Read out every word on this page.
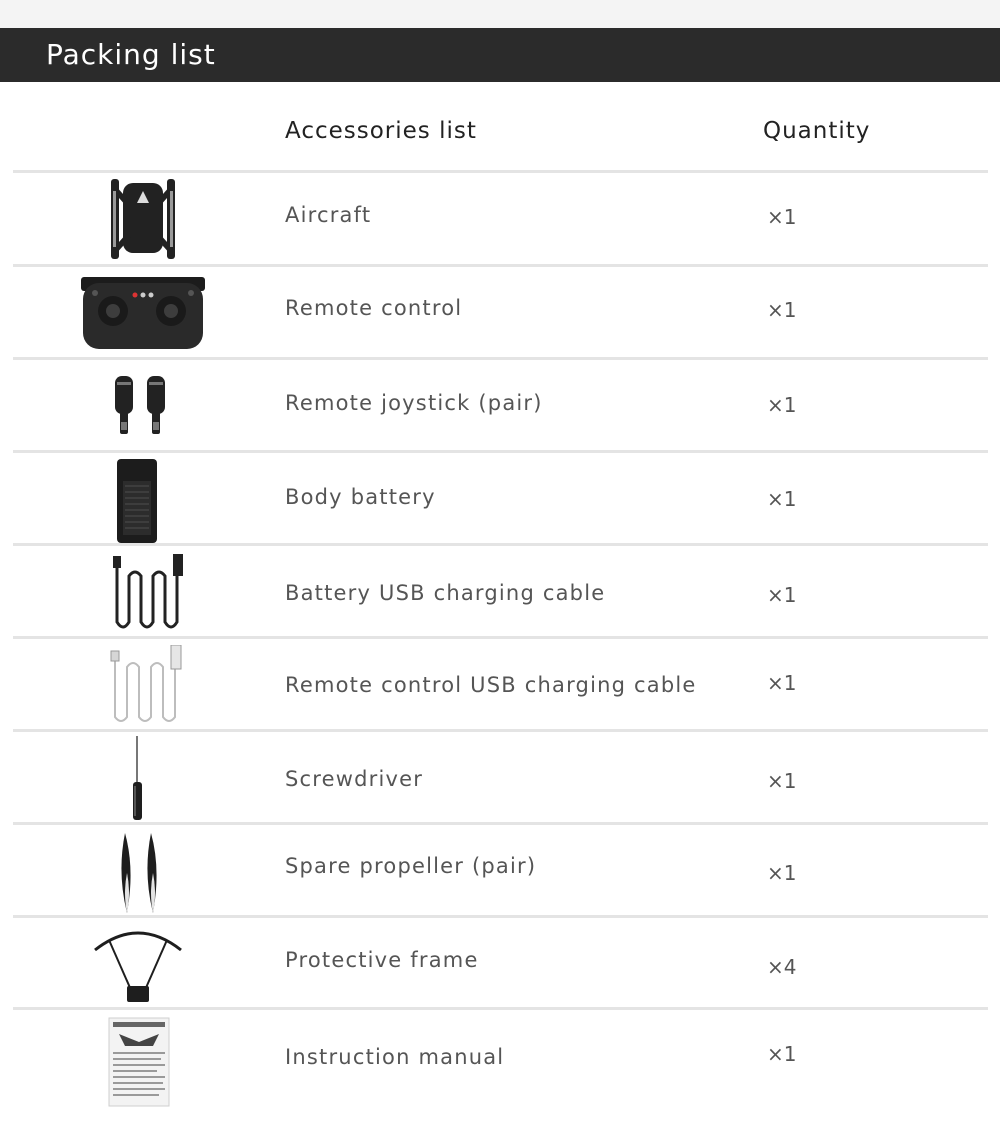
Packing list
Accessories list	Quantity
Aircraft	×1
Remote control	×1
Remote joystick (pair)	×1
Body battery	×1
Battery USB charging cable	×1
Remote control USB charging cable	×1
Screwdriver	×1
Spare propeller (pair)	×1
Protective frame	×4
Instruction manual	×1
